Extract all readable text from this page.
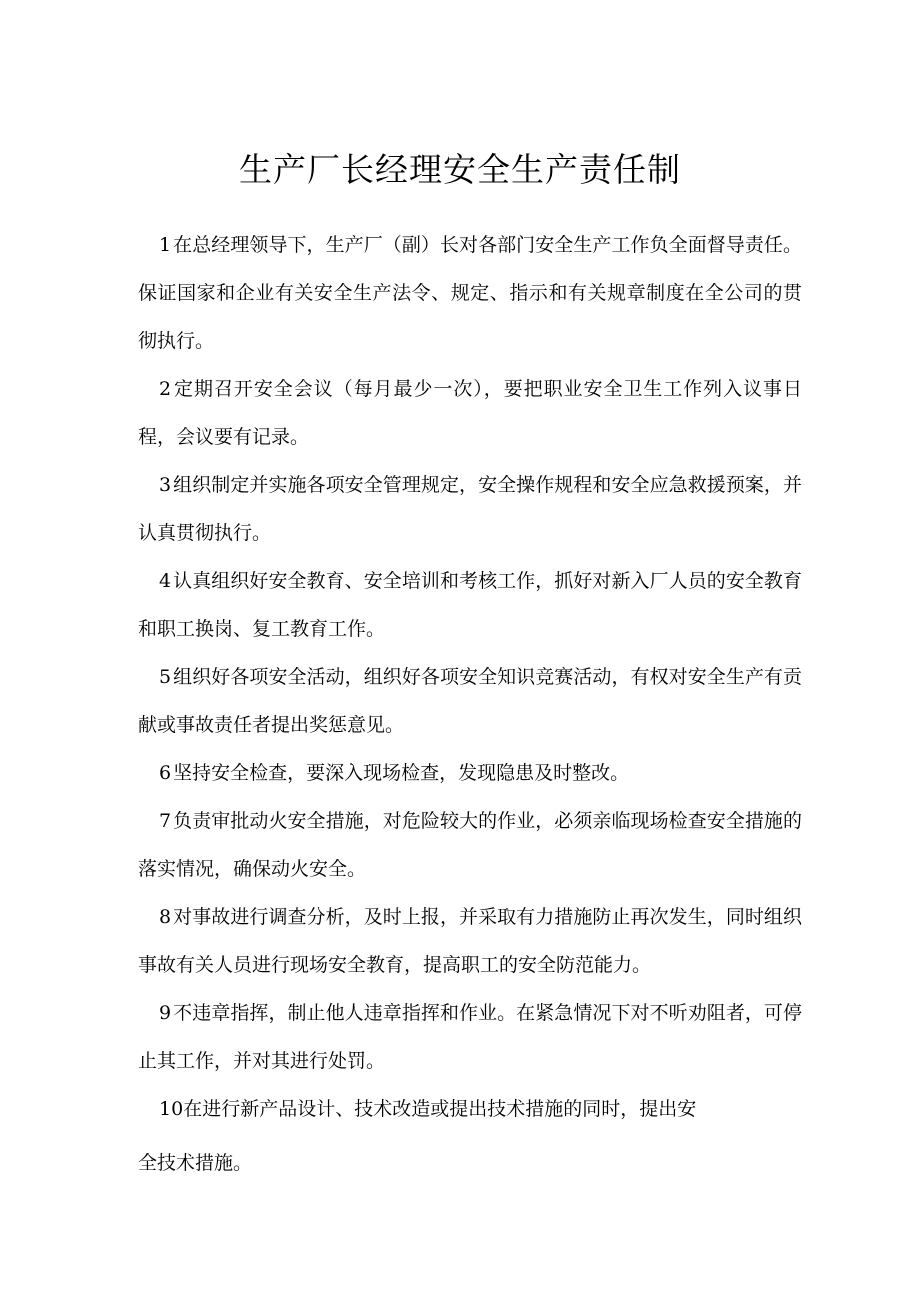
生产厂长经理安全生产责任制

1 在总经理领导下，生产厂（副）长对各部门安全生产工作负全面督导责任。保证国家和企业有关安全生产法令、规定、指示和有关规章制度在全公司的贯彻执行。

2 定期召开安全会议（每月最少一次），要把职业安全卫生工作列入议事日程，会议要有记录。

3 组织制定并实施各项安全管理规定，安全操作规程和安全应急救援预案，并认真贯彻执行。

4 认真组织好安全教育、安全培训和考核工作，抓好对新入厂人员的安全教育和职工换岗、复工教育工作。

5 组织好各项安全活动，组织好各项安全知识竞赛活动，有权对安全生产有贡献或事故责任者提出奖惩意见。

6 坚持安全检查，要深入现场检查，发现隐患及时整改。

7 负责审批动火安全措施，对危险较大的作业，必须亲临现场检查安全措施的落实情况，确保动火安全。

8 对事故进行调查分析，及时上报，并采取有力措施防止再次发生，同时组织事故有关人员进行现场安全教育，提高职工的安全防范能力。

9 不违章指挥，制止他人违章指挥和作业。在紧急情况下对不听劝阻者，可停止其工作，并对其进行处罚。

10在进行新产品设计、技术改造或提出技术措施的同时，提出安

全技术措施。
